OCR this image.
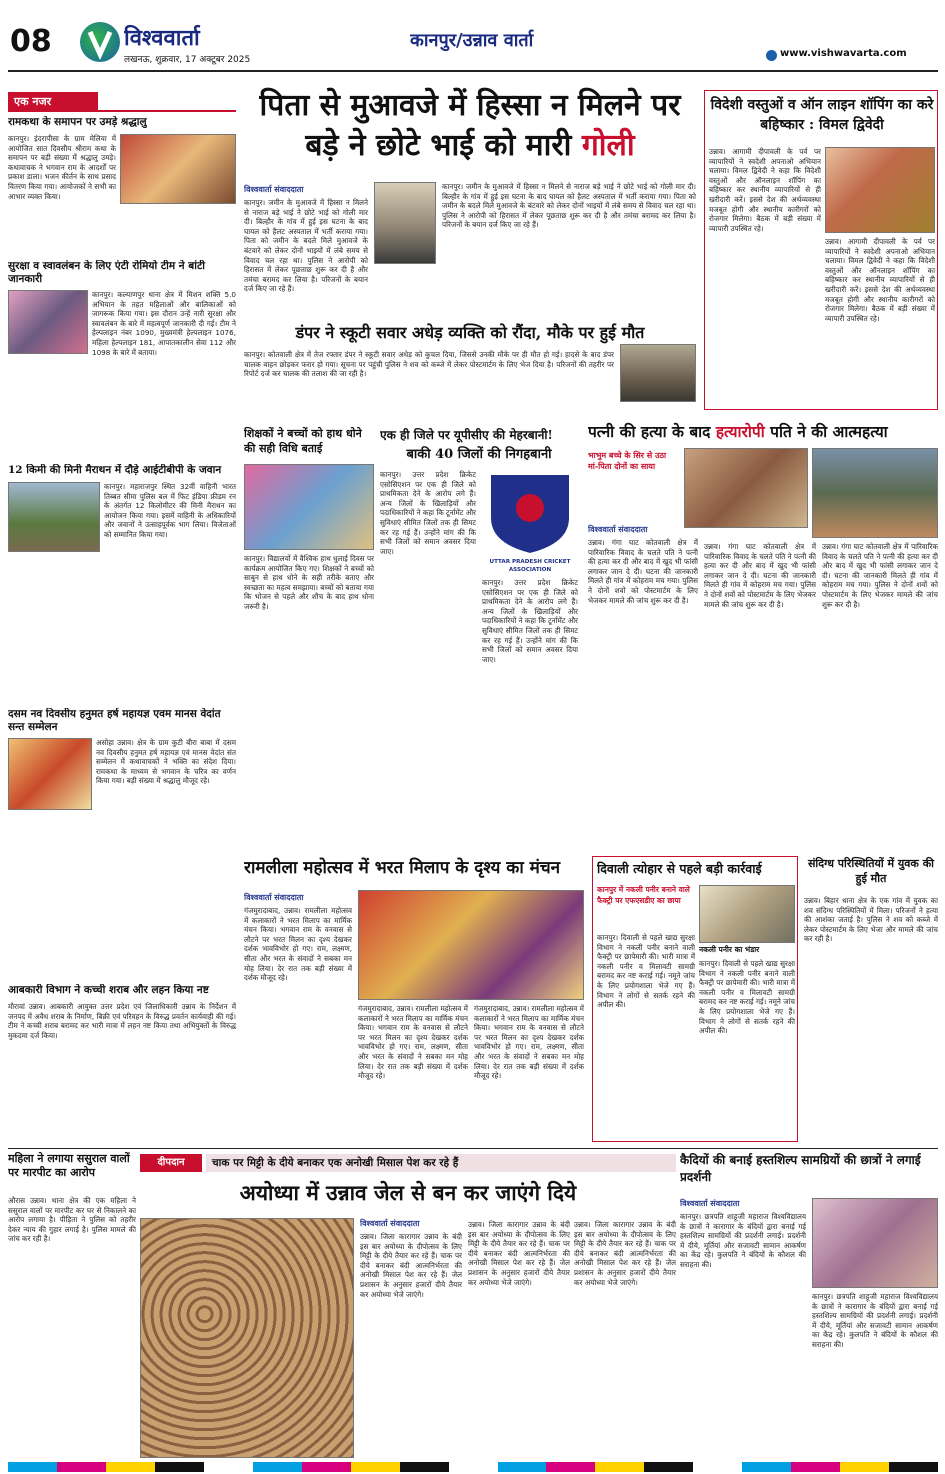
08	विश्ववार्ता
लखनऊ, शुक्रवार, 17 अक्टूबर 2025
कानपुर/उन्नाव वार्ता
www.vishwavarta.com
एक नजर
रामकथा के समापन पर उमड़े श्रद्धालु
कानपुर। इंदरापीसा के ग्राम मेलिया में आयोजित सात दिवसीय श्रीराम कथा के समापन पर बड़ी संख्या में श्रद्धालु उमड़े। कथावाचक ने भगवान राम के आदर्शों पर प्रकाश डाला। भजन कीर्तन के साथ प्रसाद वितरण किया गया। आयोजकों ने सभी का आभार व्यक्त किया।
सुरक्षा व स्वावलंबन के लिए एंटी रोमियो टीम ने बांटी जानकारी
कानपुर। कल्याणपुर थाना क्षेत्र में मिशन शक्ति 5.0 अभियान के तहत महिलाओं और बालिकाओं को जागरूक किया गया। इस दौरान उन्हें नारी सुरक्षा और स्वावलंबन के बारे में महत्वपूर्ण जानकारी दी गई। टीम ने हेल्पलाइन नंबर 1090, मुख्यमंत्री हेल्पलाइन 1076, महिला हेल्पलाइन 181, आपातकालीन सेवा 112 और 1098 के बारे में बताया।
12 किमी की मिनी मैराथन में दौड़े आईटीबीपी के जवान
कानपुर। महाराजपुर स्थित 32वीं वाहिनी भारत तिब्बत सीमा पुलिस बल में फिट इंडिया फ्रीडम रन के अंतर्गत 12 किलोमीटर की मिनी मैराथन का आयोजन किया गया। इसमें वाहिनी के अधिकारियों और जवानों ने उत्साहपूर्वक भाग लिया। विजेताओं को सम्मानित किया गया।
दसम नव दिवसीय हनुमत हर्ष महायज्ञ एवम मानस वेदांत सन्त सम्मेलन
असोहा उन्नाव। क्षेत्र के ग्राम कुटी बीरा बाबा में दसम नव दिवसीय हनुमत हर्ष महायज्ञ एवं मानस वेदांत संत सम्मेलन में कथावाचकों ने भक्ति का संदेश दिया। रामकथा के माध्यम से भगवान के चरित्र का वर्णन किया गया। बड़ी संख्या में श्रद्धालु मौजूद रहे।
आबकारी विभाग ने कच्ची शराब और लहन किया नष्ट
मौरावां उन्नाव। आबकारी आयुक्त उत्तर प्रदेश एवं जिलाधिकारी उन्नाव के निर्देशन में जनपद में अवैध शराब के निर्माण, बिक्री एवं परिवहन के विरुद्ध प्रवर्तन कार्यवाही की गई। टीम ने कच्ची शराब बरामद कर भारी मात्रा में लहन नष्ट किया तथा अभियुक्तों के विरुद्ध मुकदमा दर्ज किया।
पिता से मुआवजे में हिस्सा न मिलने पर बड़े ने छोटे भाई को मारी गोली
विश्ववार्ता संवाददाता
कानपुर। जमीन के मुआवजे में हिस्सा न मिलने से नाराज बड़े भाई ने छोटे भाई को गोली मार दी। बिल्हौर के गांव में हुई इस घटना के बाद घायल को हैलट अस्पताल में भर्ती कराया गया। पिता को जमीन के बदले मिले मुआवजे के बंटवारे को लेकर दोनों भाइयों में लंबे समय से विवाद चल रहा था। पुलिस ने आरोपी को हिरासत में लेकर पूछताछ शुरू कर दी है और तमंचा बरामद कर लिया है। परिजनों के बयान दर्ज किए जा रहे हैं।
कानपुर। जमीन के मुआवजे में हिस्सा न मिलने से नाराज बड़े भाई ने छोटे भाई को गोली मार दी। बिल्हौर के गांव में हुई इस घटना के बाद घायल को हैलट अस्पताल में भर्ती कराया गया। पिता को जमीन के बदले मिले मुआवजे के बंटवारे को लेकर दोनों भाइयों में लंबे समय से विवाद चल रहा था। पुलिस ने आरोपी को हिरासत में लेकर पूछताछ शुरू कर दी है और तमंचा बरामद कर लिया है। परिजनों के बयान दर्ज किए जा रहे हैं।
विदेशी वस्तुओं व ऑन लाइन शॉपिंग का करे बहिष्कार : विमल द्विवेदी
उन्नाव। आगामी दीपावली के पर्व पर व्यापारियों ने स्वदेशी अपनाओ अभियान चलाया। विमल द्विवेदी ने कहा कि विदेशी वस्तुओं और ऑनलाइन शॉपिंग का बहिष्कार कर स्थानीय व्यापारियों से ही खरीदारी करें। इससे देश की अर्थव्यवस्था मजबूत होगी और स्थानीय कारीगरों को रोजगार मिलेगा। बैठक में बड़ी संख्या में व्यापारी उपस्थित रहे।
उन्नाव। आगामी दीपावली के पर्व पर व्यापारियों ने स्वदेशी अपनाओ अभियान चलाया। विमल द्विवेदी ने कहा कि विदेशी वस्तुओं और ऑनलाइन शॉपिंग का बहिष्कार कर स्थानीय व्यापारियों से ही खरीदारी करें। इससे देश की अर्थव्यवस्था मजबूत होगी और स्थानीय कारीगरों को रोजगार मिलेगा। बैठक में बड़ी संख्या में व्यापारी उपस्थित रहे।
डंपर ने स्कूटी सवार अधेड़ व्यक्ति को रौंदा, मौके पर हुई मौत
कानपुर। कोतवाली क्षेत्र में तेज रफ्तार डंपर ने स्कूटी सवार अधेड़ को कुचल दिया, जिससे उनकी मौके पर ही मौत हो गई। हादसे के बाद डंपर चालक वाहन छोड़कर फरार हो गया। सूचना पर पहुंची पुलिस ने शव को कब्जे में लेकर पोस्टमार्टम के लिए भेज दिया है। परिजनों की तहरीर पर रिपोर्ट दर्ज कर चालक की तलाश की जा रही है।
शिक्षकों ने बच्चों को हाथ धोने की सही विधि बताई
कानपुर। विद्यालयों में वैश्विक हाथ धुलाई दिवस पर कार्यक्रम आयोजित किए गए। शिक्षकों ने बच्चों को साबुन से हाथ धोने के सही तरीके बताए और स्वच्छता का महत्व समझाया। बच्चों को बताया गया कि भोजन से पहले और शौच के बाद हाथ धोना जरूरी है।
एक ही जिले पर यूपीसीए की मेहरबानी!
बाकी 40 जिलों की निगहबानी
कानपुर। उत्तर प्रदेश क्रिकेट एसोसिएशन पर एक ही जिले को प्राथमिकता देने के आरोप लगे हैं। अन्य जिलों के खिलाड़ियों और पदाधिकारियों ने कहा कि टूर्नामेंट और सुविधाएं सीमित जिलों तक ही सिमट कर रह गई हैं। उन्होंने मांग की कि सभी जिलों को समान अवसर दिया जाए।
UTTAR PRADESH CRICKET ASSOCIATION
कानपुर। उत्तर प्रदेश क्रिकेट एसोसिएशन पर एक ही जिले को प्राथमिकता देने के आरोप लगे हैं। अन्य जिलों के खिलाड़ियों और पदाधिकारियों ने कहा कि टूर्नामेंट और सुविधाएं सीमित जिलों तक ही सिमट कर रह गई हैं। उन्होंने मांग की कि सभी जिलों को समान अवसर दिया जाए।
पत्नी की हत्या के बाद हत्यारोपी पति ने की आत्महत्या
भाभुम बच्चे के सिर से उठा मां-पिता दोनों का साया
विश्ववार्ता संवाददाता
उन्नाव। गंगा घाट कोतवाली क्षेत्र में पारिवारिक विवाद के चलते पति ने पत्नी की हत्या कर दी और बाद में खुद भी फांसी लगाकर जान दे दी। घटना की जानकारी मिलते ही गांव में कोहराम मच गया। पुलिस ने दोनों शवों को पोस्टमार्टम के लिए भेजकर मामले की जांच शुरू कर दी है।
उन्नाव। गंगा घाट कोतवाली क्षेत्र में पारिवारिक विवाद के चलते पति ने पत्नी की हत्या कर दी और बाद में खुद भी फांसी लगाकर जान दे दी। घटना की जानकारी मिलते ही गांव में कोहराम मच गया। पुलिस ने दोनों शवों को पोस्टमार्टम के लिए भेजकर मामले की जांच शुरू कर दी है।
उन्नाव। गंगा घाट कोतवाली क्षेत्र में पारिवारिक विवाद के चलते पति ने पत्नी की हत्या कर दी और बाद में खुद भी फांसी लगाकर जान दे दी। घटना की जानकारी मिलते ही गांव में कोहराम मच गया। पुलिस ने दोनों शवों को पोस्टमार्टम के लिए भेजकर मामले की जांच शुरू कर दी है।
रामलीला महोत्सव में भरत मिलाप के दृश्य का मंचन
विश्ववार्ता संवाददाता
गंजमुरादाबाद, उन्नाव। रामलीला महोत्सव में कलाकारों ने भरत मिलाप का मार्मिक मंचन किया। भगवान राम के वनवास से लौटने पर भरत मिलन का दृश्य देखकर दर्शक भावविभोर हो गए। राम, लक्ष्मण, सीता और भरत के संवादों ने सबका मन मोह लिया। देर रात तक बड़ी संख्या में दर्शक मौजूद रहे।
गंजमुरादाबाद, उन्नाव। रामलीला महोत्सव में कलाकारों ने भरत मिलाप का मार्मिक मंचन किया। भगवान राम के वनवास से लौटने पर भरत मिलन का दृश्य देखकर दर्शक भावविभोर हो गए। राम, लक्ष्मण, सीता और भरत के संवादों ने सबका मन मोह लिया। देर रात तक बड़ी संख्या में दर्शक मौजूद रहे।
गंजमुरादाबाद, उन्नाव। रामलीला महोत्सव में कलाकारों ने भरत मिलाप का मार्मिक मंचन किया। भगवान राम के वनवास से लौटने पर भरत मिलन का दृश्य देखकर दर्शक भावविभोर हो गए। राम, लक्ष्मण, सीता और भरत के संवादों ने सबका मन मोह लिया। देर रात तक बड़ी संख्या में दर्शक मौजूद रहे।
दिवाली त्योहार से पहले बड़ी कार्रवाई
कानपुर में नकली पनीर बनाने वाले फैक्ट्री पर एफएसडीए का छापा
नकली पनीर का भंडार
कानपुर। दिवाली से पहले खाद्य सुरक्षा विभाग ने नकली पनीर बनाने वाली फैक्ट्री पर छापेमारी की। भारी मात्रा में नकली पनीर व मिलावटी सामग्री बरामद कर नष्ट कराई गई। नमूने जांच के लिए प्रयोगशाला भेजे गए हैं। विभाग ने लोगों से सतर्क रहने की अपील की।
कानपुर। दिवाली से पहले खाद्य सुरक्षा विभाग ने नकली पनीर बनाने वाली फैक्ट्री पर छापेमारी की। भारी मात्रा में नकली पनीर व मिलावटी सामग्री बरामद कर नष्ट कराई गई। नमूने जांच के लिए प्रयोगशाला भेजे गए हैं। विभाग ने लोगों से सतर्क रहने की अपील की।
संदिग्ध परिस्थितियों में युवक की हुई मौत
उन्नाव। बिहार थाना क्षेत्र के एक गांव में युवक का शव संदिग्ध परिस्थितियों में मिला। परिजनों ने हत्या की आशंका जताई है। पुलिस ने शव को कब्जे में लेकर पोस्टमार्टम के लिए भेजा और मामले की जांच कर रही है।
महिला ने लगाया ससुराल वालों पर मारपीट का आरोप
औरास उन्नाव। थाना क्षेत्र की एक महिला ने ससुराल वालों पर मारपीट कर घर से निकालने का आरोप लगाया है। पीड़िता ने पुलिस को तहरीर देकर न्याय की गुहार लगाई है। पुलिस मामले की जांच कर रही है।
दीपदान	चाक पर मिट्टी के दीये बनाकर एक अनोखी मिसाल पेश कर रहे हैं
अयोध्या में उन्नाव जेल से बन कर जाएंगे दिये
विश्ववार्ता संवाददाता
उन्नाव। जिला कारागार उन्नाव के बंदी इस बार अयोध्या के दीपोत्सव के लिए मिट्टी के दीये तैयार कर रहे हैं। चाक पर दीये बनाकर बंदी आत्मनिर्भरता की अनोखी मिसाल पेश कर रहे हैं। जेल प्रशासन के अनुसार हजारों दीये तैयार कर अयोध्या भेजे जाएंगे।
उन्नाव। जिला कारागार उन्नाव के बंदी इस बार अयोध्या के दीपोत्सव के लिए मिट्टी के दीये तैयार कर रहे हैं। चाक पर दीये बनाकर बंदी आत्मनिर्भरता की अनोखी मिसाल पेश कर रहे हैं। जेल प्रशासन के अनुसार हजारों दीये तैयार कर अयोध्या भेजे जाएंगे।
उन्नाव। जिला कारागार उन्नाव के बंदी इस बार अयोध्या के दीपोत्सव के लिए मिट्टी के दीये तैयार कर रहे हैं। चाक पर दीये बनाकर बंदी आत्मनिर्भरता की अनोखी मिसाल पेश कर रहे हैं। जेल प्रशासन के अनुसार हजारों दीये तैयार कर अयोध्या भेजे जाएंगे।
कैदियों की बनाई हस्तशिल्प सामग्रियों की छात्रों ने लगाई प्रदर्शनी
विश्ववार्ता संवाददाता
कानपुर। छत्रपति शाहूजी महाराज विश्वविद्यालय के छात्रों ने कारागार के बंदियों द्वारा बनाई गई हस्तशिल्प सामग्रियों की प्रदर्शनी लगाई। प्रदर्शनी में दीये, मूर्तियां और सजावटी सामान आकर्षण का केंद्र रहे। कुलपति ने बंदियों के कौशल की सराहना की।
कानपुर। छत्रपति शाहूजी महाराज विश्वविद्यालय के छात्रों ने कारागार के बंदियों द्वारा बनाई गई हस्तशिल्प सामग्रियों की प्रदर्शनी लगाई। प्रदर्शनी में दीये, मूर्तियां और सजावटी सामान आकर्षण का केंद्र रहे। कुलपति ने बंदियों के कौशल की सराहना की।
